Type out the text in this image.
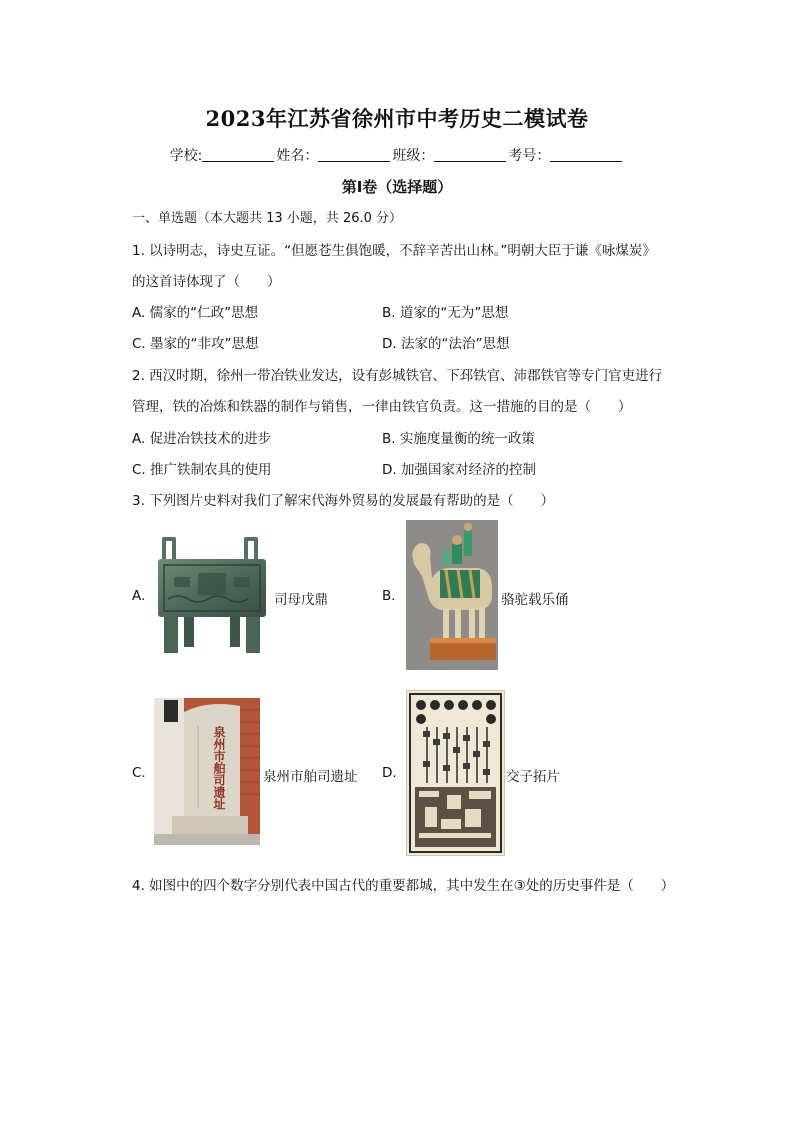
2023年江苏省徐州市中考历史二模试卷
学校:	姓名：	班级：	考号：
第I卷（选择题）
一、单选题（本大题共 13 小题，共 26.0 分）
1. 以诗明志，诗史互证。“但愿苍生俱饱暖，不辞辛苦出山林。”明朝大臣于谦《咏煤炭》
的这首诗体现了（　　）
A. 儒家的“仁政”思想	B. 道家的“无为”思想
C. 墨家的“非攻”思想	D. 法家的“法治”思想
2. 西汉时期，徐州一带冶铁业发达，设有彭城铁官、下邳铁官、沛郡铁官等专门官吏进行
管理，铁的冶炼和铁器的制作与销售，一律由铁官负责。这一措施的目的是（　　）
A. 促进冶铁技术的进步	B. 实施度量衡的统一政策
C. 推广铁制农具的使用	D. 加强国家对经济的控制
3. 下列图片史料对我们了解宋代海外贸易的发展最有帮助的是（　　）
A.	司母戊鼎	B.	骆驼载乐俑
C.	泉州市舶司遗址	泉州市舶司遗址 D.	交子拓片
4. 如图中的四个数字分别代表中国古代的重要都城，其中发生在③处的历史事件是（　　）
